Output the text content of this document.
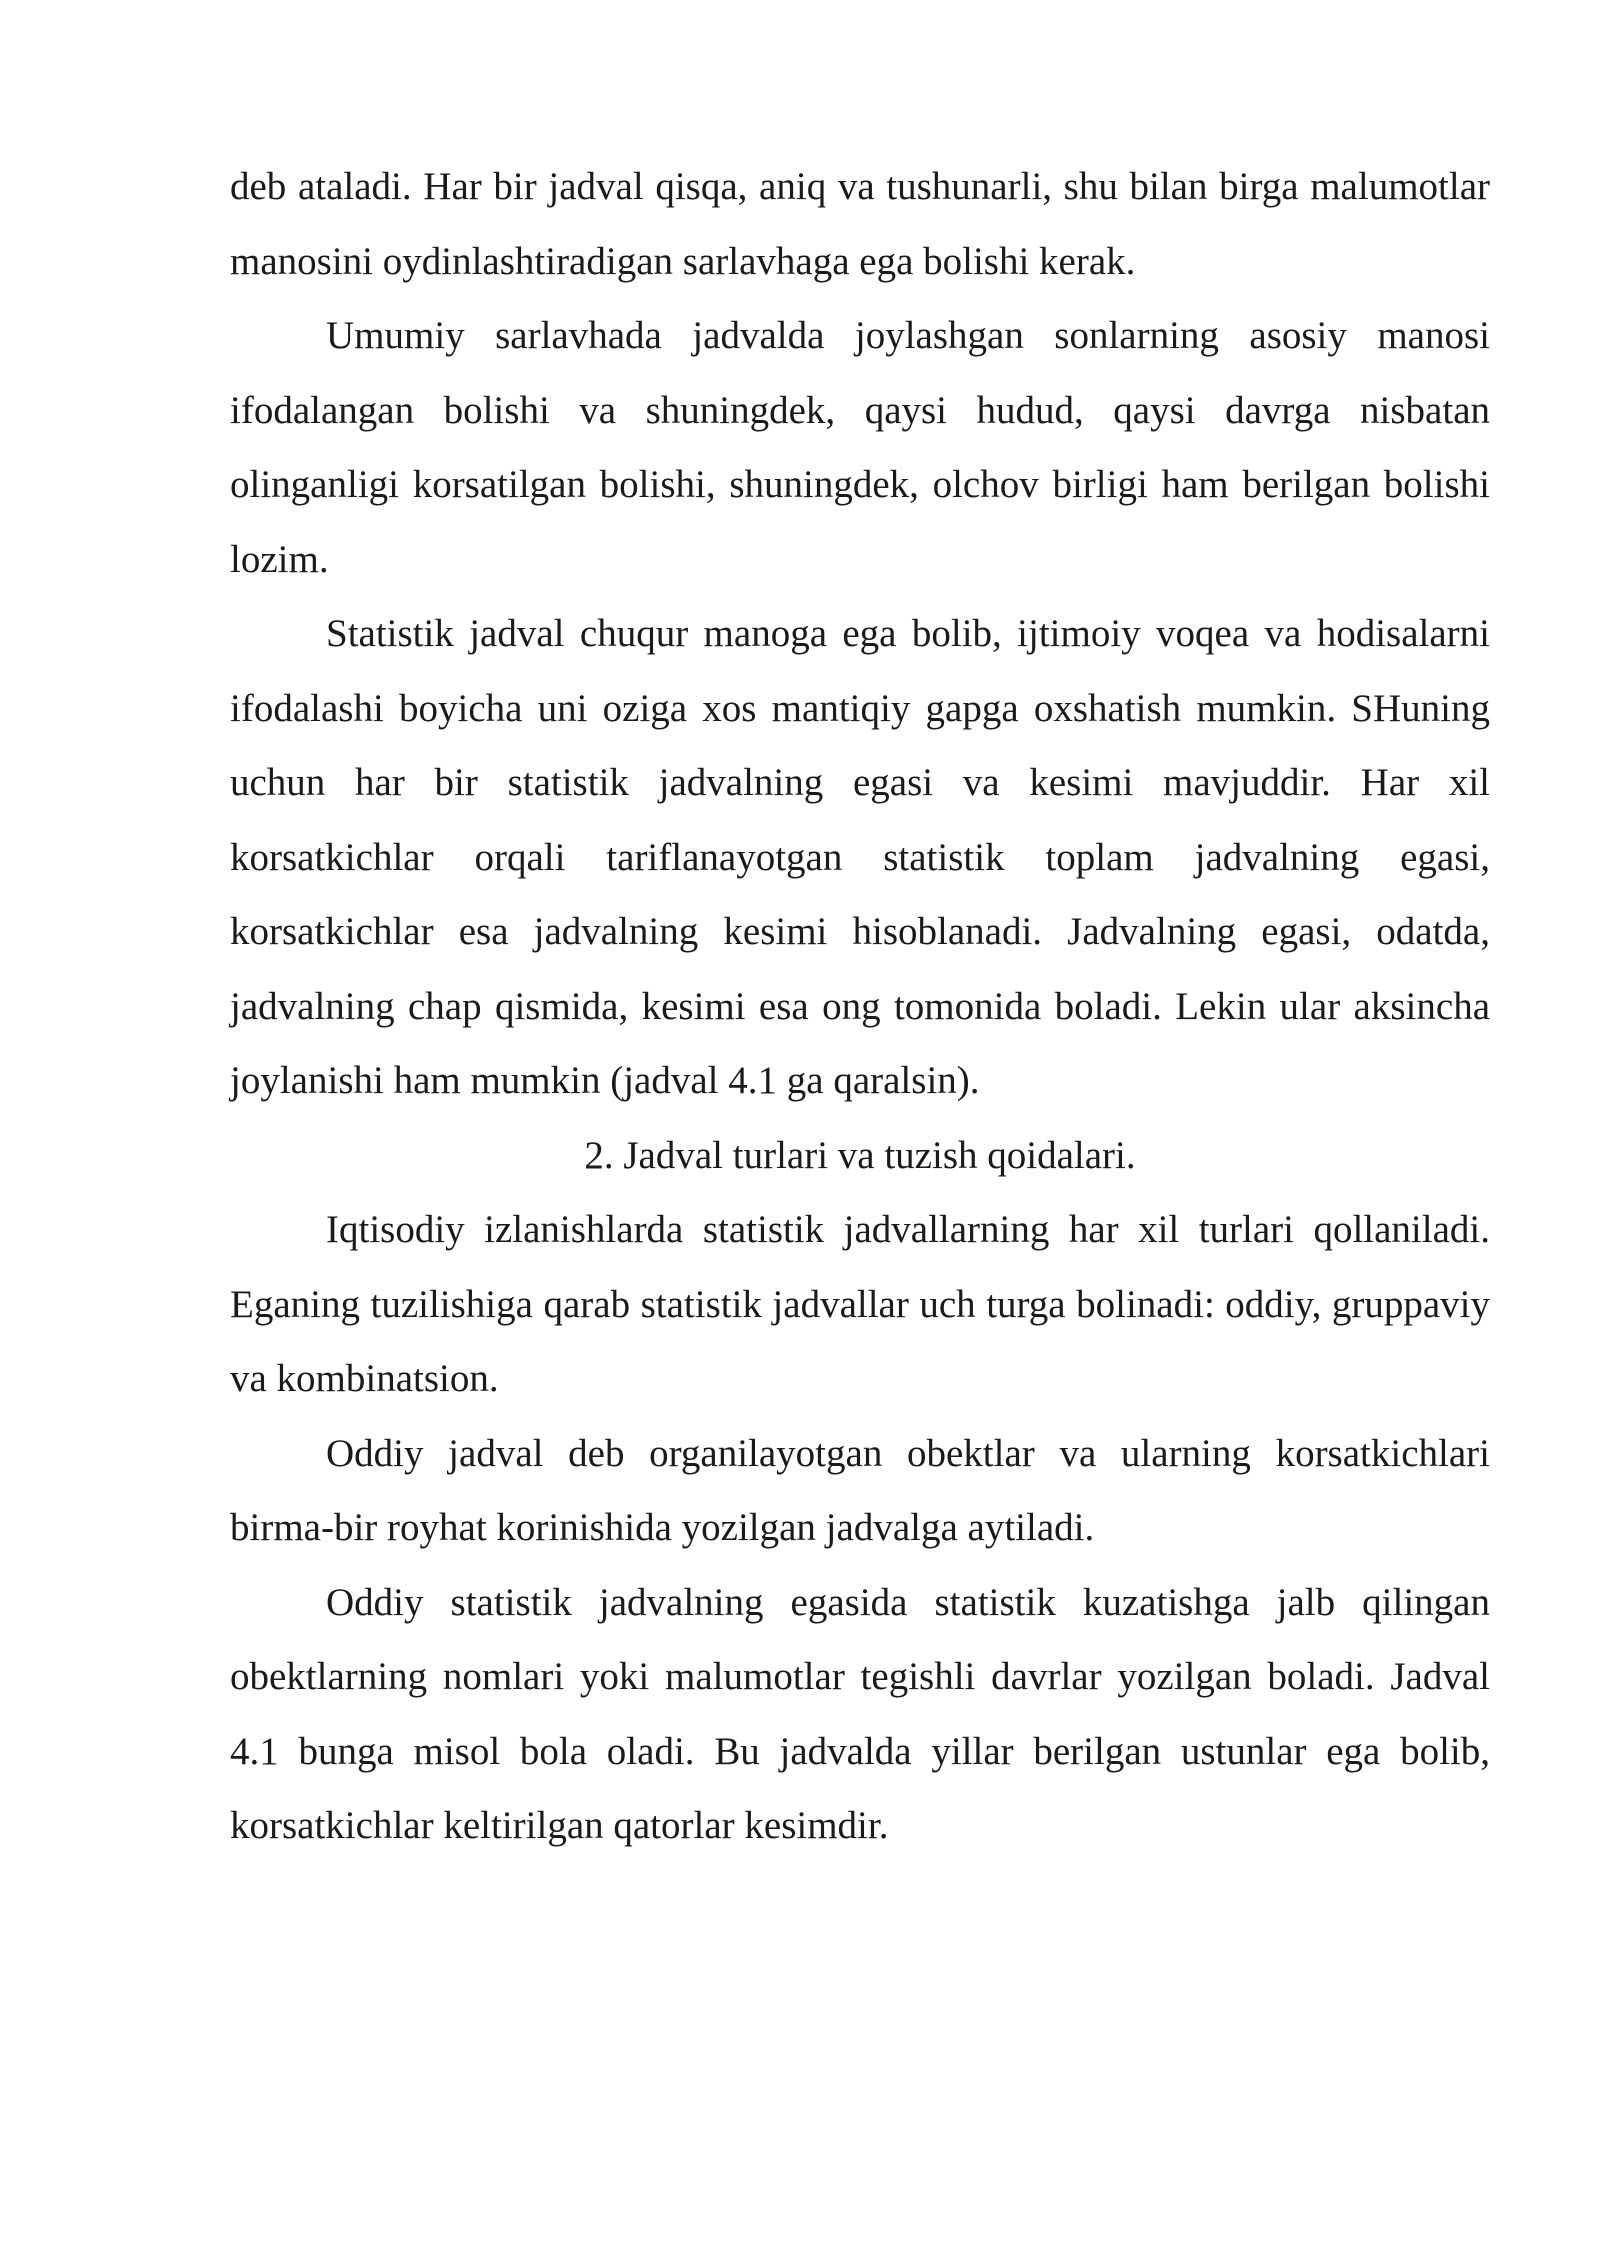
deb ataladi. Har bir jadval qisqa, aniq va tushunarli, shu bilan birga malumotlar manosini oydinlashtiradigan sarlavhaga ega bolishi kerak.

Umumiy sarlavhada jadvalda joylashgan sonlarning asosiy manosi ifodalangan bolishi va shuningdek, qaysi hudud, qaysi davrga nisbatan olinganligi korsatilgan bolishi, shuningdek, olchov birligi ham berilgan bolishi lozim.

Statistik jadval chuqur manoga ega bolib, ijtimoiy voqea va hodisalarni ifodalashi boyicha uni oziga xos mantiqiy gapga oxshatish mumkin. SHuning uchun har bir statistik jadvalning egasi va kesimi mavjuddir. Har xil korsatkichlar orqali tariflanayotgan statistik toplam jadvalning egasi, korsatkichlar esa jadvalning kesimi hisoblanadi. Jadvalning egasi, odatda, jadvalning chap qismida, kesimi esa ong tomonida boladi. Lekin ular aksincha joylanishi ham mumkin (jadval 4.1 ga qaralsin).

2. Jadval turlari va tuzish qoidalari.

Iqtisodiy izlanishlarda statistik jadvallarning har xil turlari qollaniladi. Eganing tuzilishiga qarab statistik jadvallar uch turga bolinadi: oddiy, gruppaviy va kombinatsion.

Oddiy jadval deb organilayotgan obektlar va ularning korsatkichlari birma-bir royhat korinishida yozilgan jadvalga aytiladi.

Oddiy statistik jadvalning egasida statistik kuzatishga jalb qilingan obektlarning nomlari yoki malumotlar tegishli davrlar yozilgan boladi. Jadval 4.1 bunga misol bola oladi. Bu jadvalda yillar berilgan ustunlar ega bolib, korsatkichlar keltirilgan qatorlar kesimdir.
